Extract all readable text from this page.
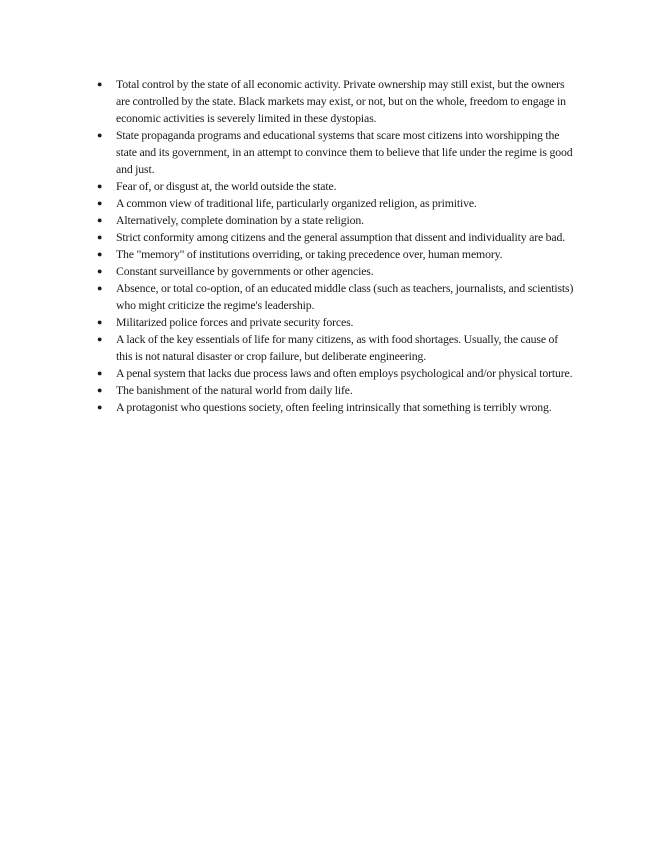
●	Total control by the state of all economic activity. Private ownership may still exist, but the owners are controlled by the state. Black markets may exist, or not, but on the whole, freedom to engage in economic activities is severely limited in these dystopias.
●	State propaganda programs and educational systems that scare most citizens into worshipping the state and its government, in an attempt to convince them to believe that life under the regime is good and just.
●	Fear of, or disgust at, the world outside the state.
●	A common view of traditional life, particularly organized religion, as primitive.
●	Alternatively, complete domination by a state religion.
●	Strict conformity among citizens and the general assumption that dissent and individuality are bad.
●	The "memory" of institutions overriding, or taking precedence over, human memory.
●	Constant surveillance by governments or other agencies.
●	Absence, or total co-option, of an educated middle class (such as teachers, journalists, and scientists) who might criticize the regime's leadership.
●	Militarized police forces and private security forces.
●	A lack of the key essentials of life for many citizens, as with food shortages. Usually, the cause of this is not natural disaster or crop failure, but deliberate engineering.
●	A penal system that lacks due process laws and often employs psychological and/or physical torture.
●	The banishment of the natural world from daily life.
●	A protagonist who questions society, often feeling intrinsically that something is terribly wrong.
